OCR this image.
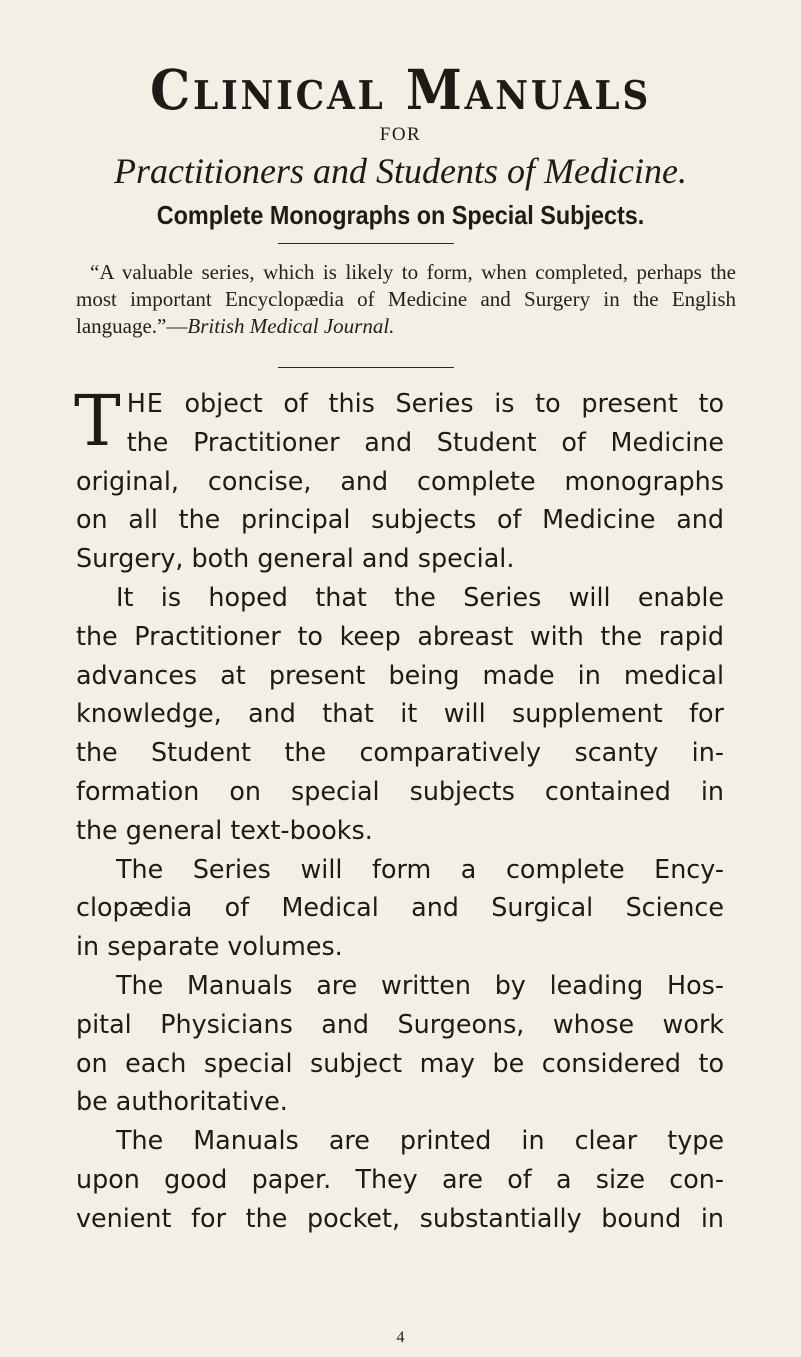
Clinical Manuals
FOR
Practitioners and Students of Medicine.
Complete Monographs on Special Subjects.

“A valuable series, which is likely to form, when completed, perhaps the most important Encyclopædia of Medicine and Surgery in the English language.”—British Medical Journal.

T HE object of this Series is to present to
the Practitioner and Student of Medicine
original, concise, and complete monographs
on all the principal subjects of Medicine and
Surgery, both general and special.
It is hoped that the Series will enable
the Practitioner to keep abreast with the rapid
advances at present being made in medical
knowledge, and that it will supplement for
the Student the comparatively scanty in-
formation on special subjects contained in
the general text-books.
The Series will form a complete Ency-
clopædia of Medical and Surgical Science
in separate volumes.
The Manuals are written by leading Hos-
pital Physicians and Surgeons, whose work
on each special subject may be considered to
be authoritative.
The Manuals are printed in clear type
upon good paper. They are of a size con-
venient for the pocket, substantially bound in
4
